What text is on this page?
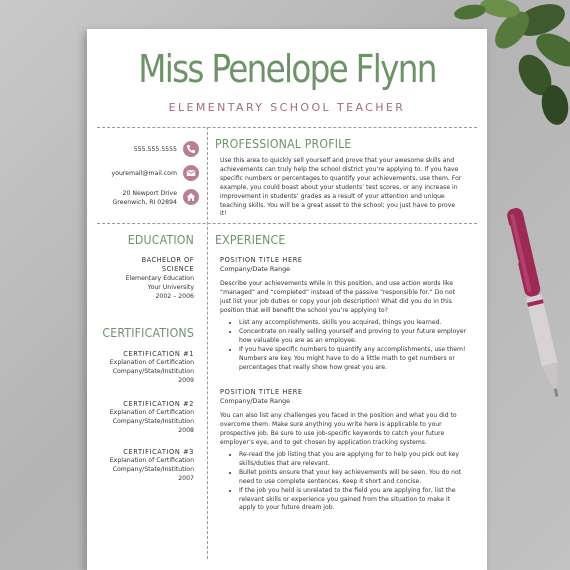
Miss Penelope Flynn
ELEMENTARY SCHOOL TEACHER
555.555.5555
youremail@mail.com
20 Newport Drive
Greenwich, RI 02894
PROFESSIONAL PROFILE

Use this area to quickly sell yourself and prove that your awesome skills and achievements can truly help the school district you’re applying to. If you have specific numbers or percentages to quantify your achievements, use them. For example, you could boast about your students’ test scores, or any increase in improvement in students’ grades as a result of your attention and unique teaching skills. You will be a great asset to the school; you just have to prove it!

EDUCATION
BACHELOR OF
SCIENCE
Elementary Education
Your University
2002 – 2006
CERTIFICATIONS
CERTIFICATION #1
Explanation of Certification
Company/State/Institution
2009
CERTIFICATION #2
Explanation of Certification
Company/State/Institution
2008
CERTIFICATION #3
Explanation of Certification
Company/State/Institution
2007
EXPERIENCE
POSITION TITLE HERE
Company/Date Range

Describe your achievements while in this position, and use action words like “managed” and “completed” instead of the passive “responsible for.” Do not just list your job duties or copy your job description! What did you do in this position that will benefit the school you’re applying to?

• List any accomplishments, skills you acquired, things you learned.
• Concentrate on really selling yourself and proving to your future employer how valuable you are as an employee.
• If you have specific numbers to quantify any accomplishments, use them! Numbers are key. You might have to do a little math to get numbers or percentages that really show how great you are.
POSITION TITLE HERE
Company/Date Range

You can also list any challenges you faced in the position and what you did to overcome them. Make sure anything you write here is applicable to your prospective job. Be sure to use job-specific keywords to catch your future employer’s eye, and to get chosen by application tracking systems.

• Re-read the job listing that you are applying for to help you pick out key skills/duties that are relevant.
• Bullet points ensure that your key achievements will be seen. You do not need to use complete sentences. Keep it short and concise.
• If the job you held is unrelated to the field you are applying for, list the relevant skills or experience you gained from the situation to make it apply to your future dream job.
